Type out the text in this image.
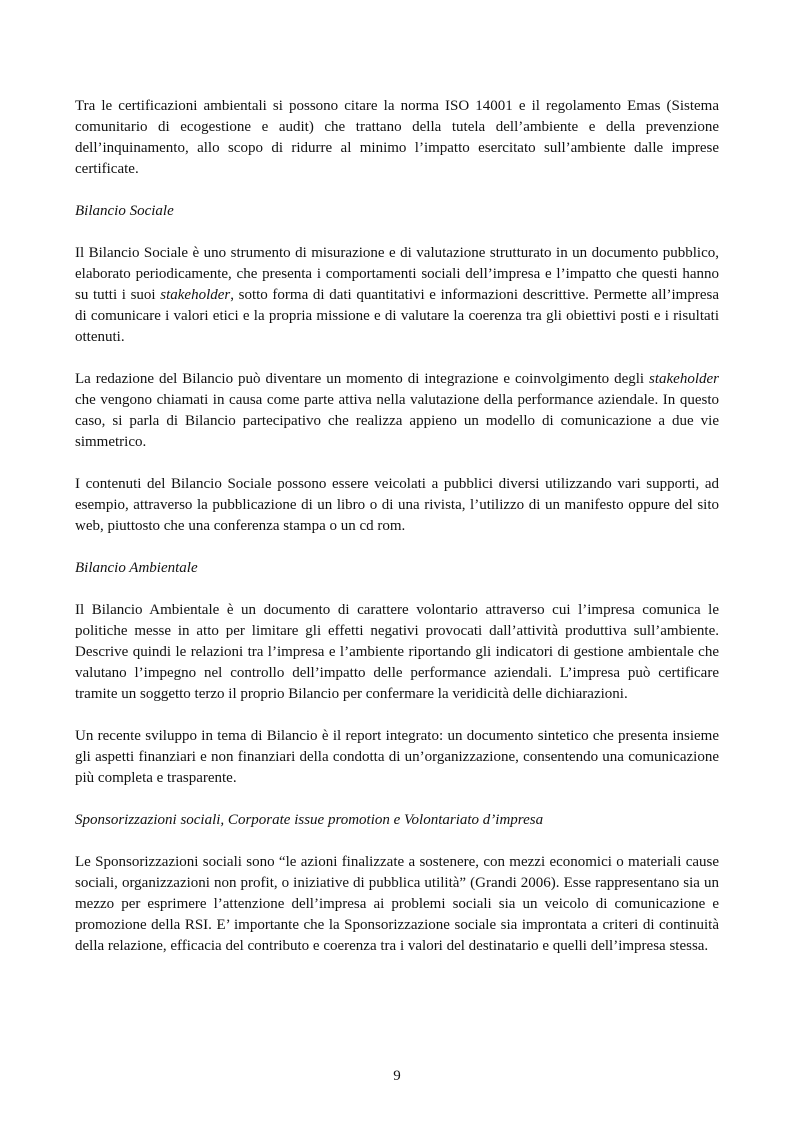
Tra le certificazioni ambientali si possono citare la norma ISO 14001 e il regolamento Emas (Sistema comunitario di ecogestione e audit) che trattano della tutela dell’ambiente e della prevenzione dell’inquinamento, allo scopo di ridurre al minimo l’impatto esercitato sull’ambiente dalle imprese certificate.

Bilancio Sociale

Il Bilancio Sociale è uno strumento di misurazione e di valutazione strutturato in un documento pubblico, elaborato periodicamente, che presenta i comportamenti sociali dell’impresa e l’impatto che questi hanno su tutti i suoi stakeholder, sotto forma di dati quantitativi e informazioni descrittive. Permette all’impresa di comunicare i valori etici e la propria missione e di valutare la coerenza tra gli obiettivi posti e i risultati ottenuti.

La redazione del Bilancio può diventare un momento di integrazione e coinvolgimento degli stakeholder che vengono chiamati in causa come parte attiva nella valutazione della performance aziendale. In questo caso, si parla di Bilancio partecipativo che realizza appieno un modello di comunicazione a due vie simmetrico.

I contenuti del Bilancio Sociale possono essere veicolati a pubblici diversi utilizzando vari supporti, ad esempio, attraverso la pubblicazione di un libro o di una rivista, l’utilizzo di un manifesto oppure del sito web, piuttosto che una conferenza stampa o un cd rom.

Bilancio Ambientale

Il Bilancio Ambientale è un documento di carattere volontario attraverso cui l’impresa comunica le politiche messe in atto per limitare gli effetti negativi provocati dall’attività produttiva sull’ambiente. Descrive quindi le relazioni tra l’impresa e l’ambiente riportando gli indicatori di gestione ambientale che valutano l’impegno nel controllo dell’impatto delle performance aziendali. L’impresa può certificare tramite un soggetto terzo il proprio Bilancio per confermare la veridicità delle dichiarazioni.

Un recente sviluppo in tema di Bilancio è il report integrato: un documento sintetico che presenta insieme gli aspetti finanziari e non finanziari della condotta di un’organizzazione, consentendo una comunicazione più completa e trasparente.

Sponsorizzazioni sociali, Corporate issue promotion e Volontariato d’impresa

Le Sponsorizzazioni sociali sono “le azioni finalizzate a sostenere, con mezzi economici o materiali cause sociali, organizzazioni non profit, o iniziative di pubblica utilità” (Grandi 2006). Esse rappresentano sia un mezzo per esprimere l’attenzione dell’impresa ai problemi sociali sia un veicolo di comunicazione e promozione della RSI. E’ importante che la Sponsorizzazione sociale sia improntata a criteri di continuità della relazione, efficacia del contributo e coerenza tra i valori del destinatario e quelli dell’impresa stessa.

9
